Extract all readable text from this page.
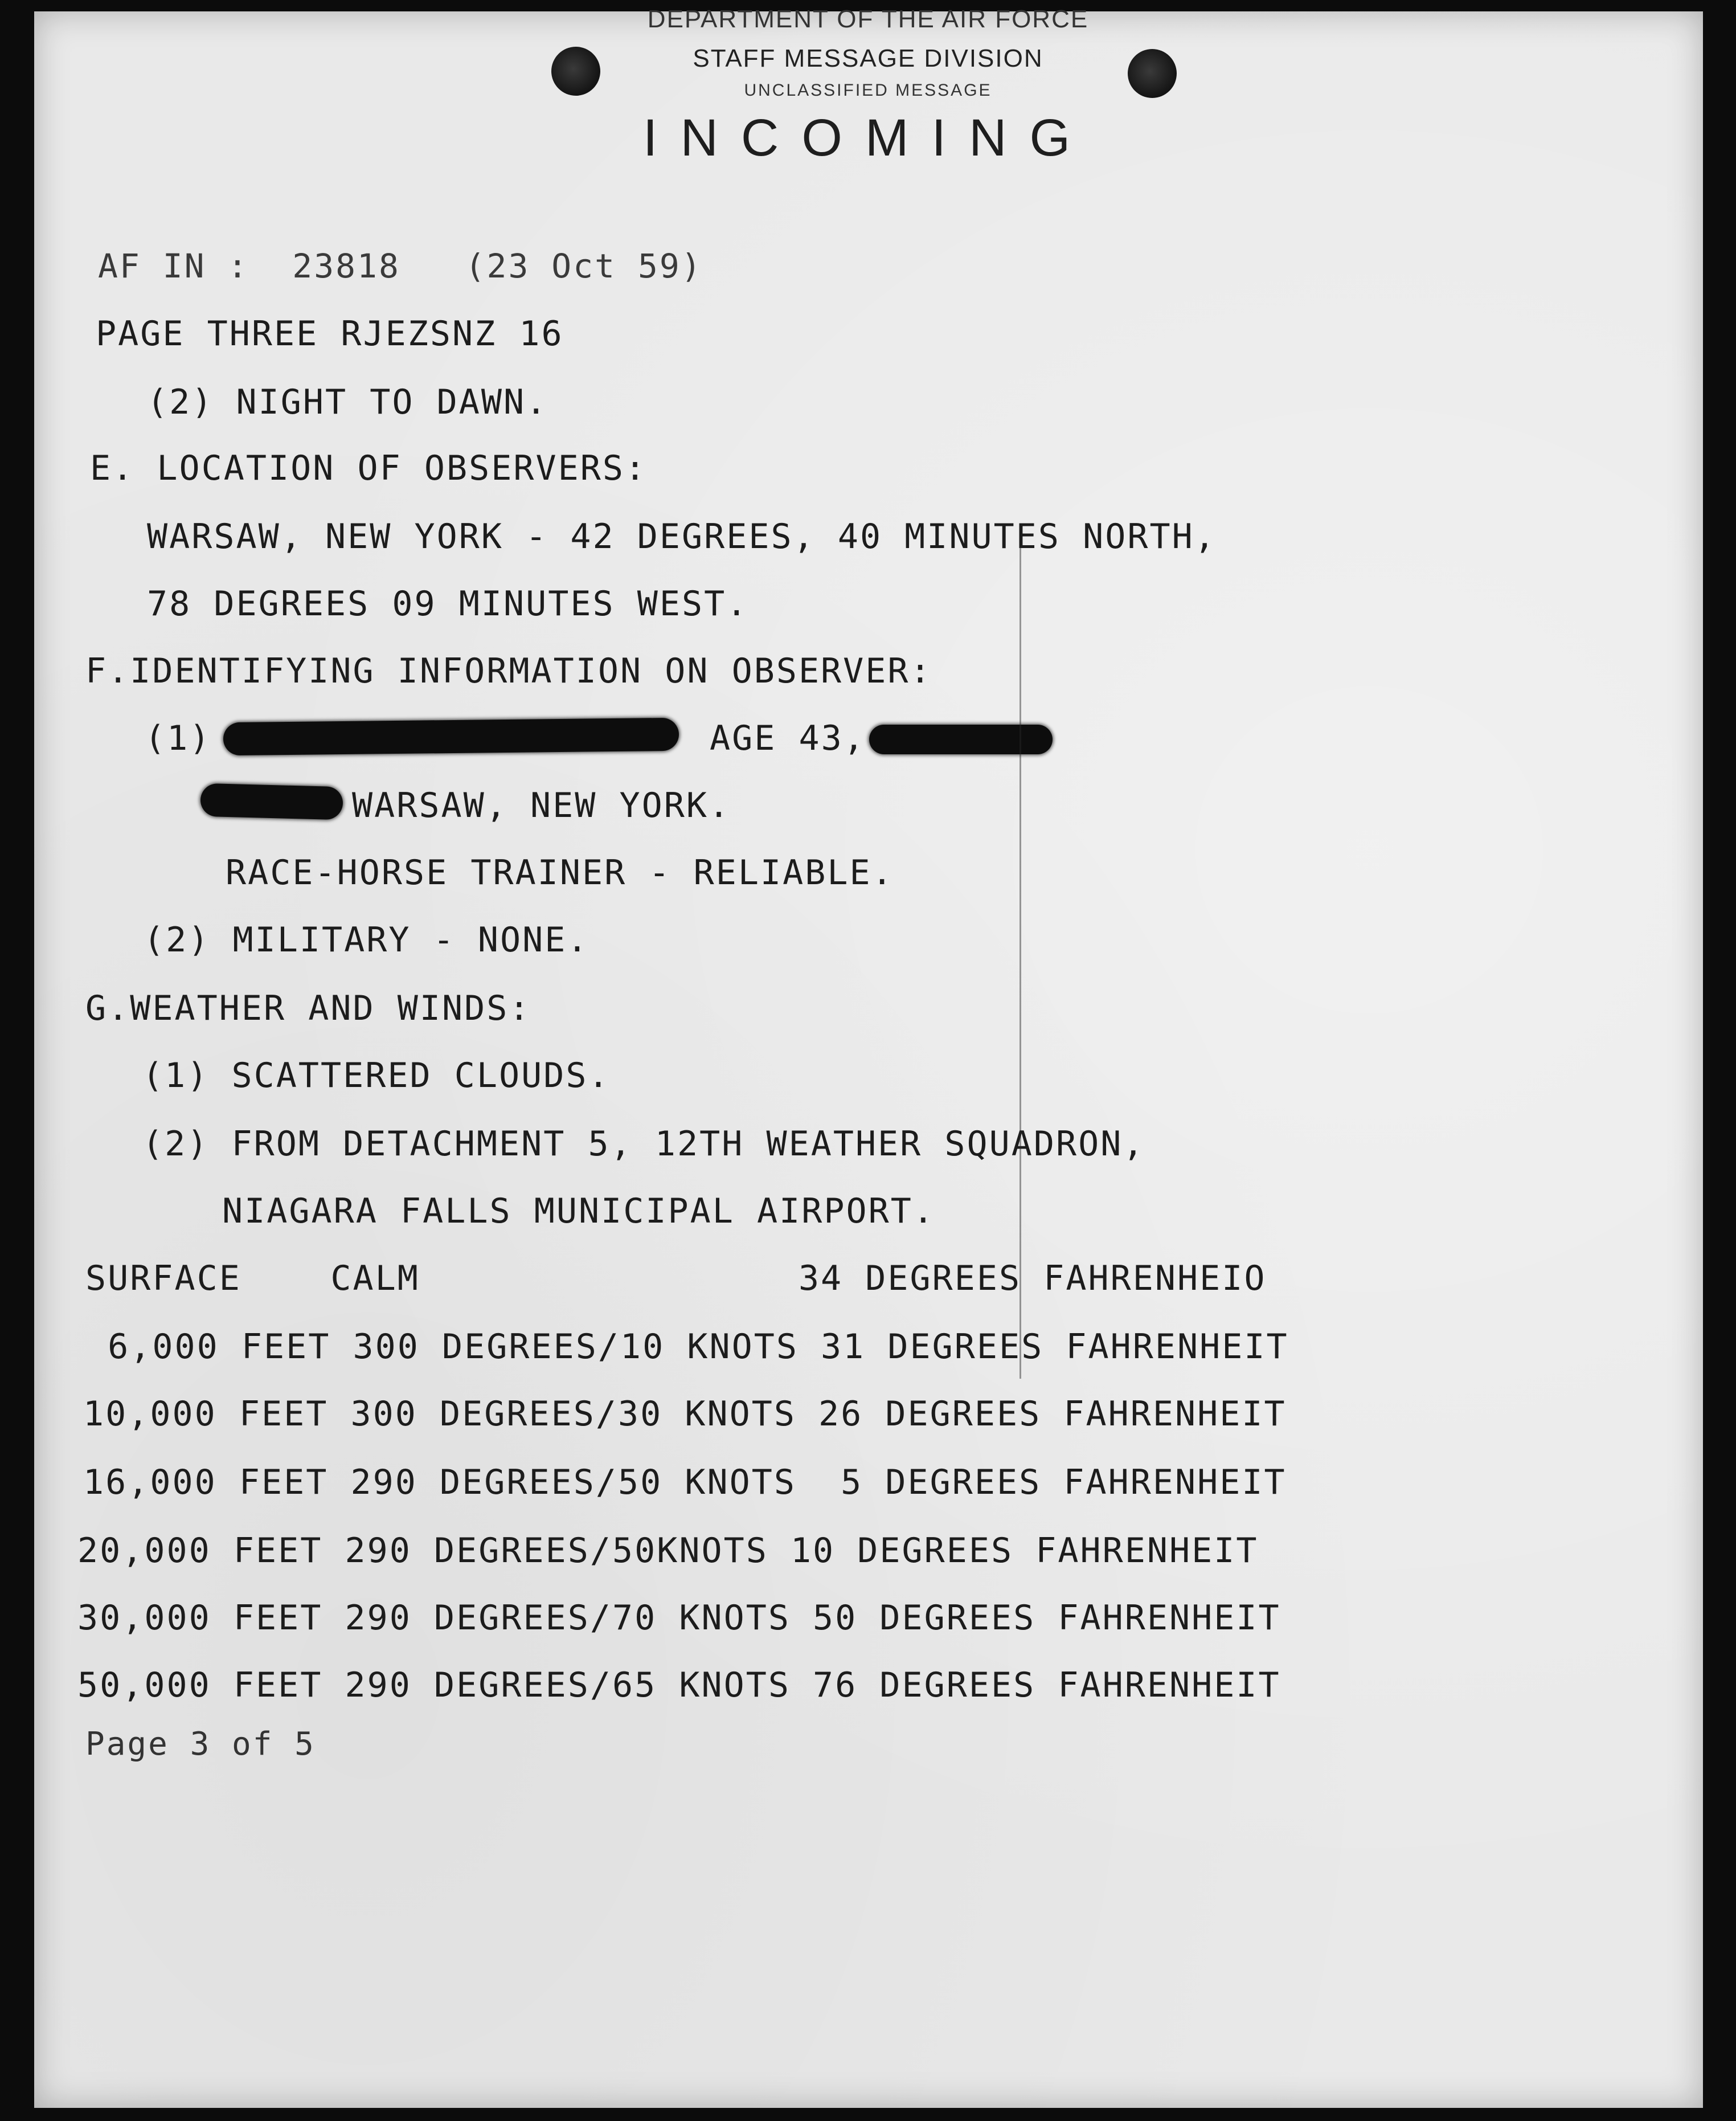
DEPARTMENT OF THE AIR FORCE
STAFF MESSAGE DIVISION
UNCLASSIFIED MESSAGE
INCOMING
AF IN :  23818   (23 Oct 59)
PAGE THREE RJEZSNZ 16
(2) NIGHT TO DAWN.
E. LOCATION OF OBSERVERS:
WARSAW, NEW YORK - 42 DEGREES, 40 MINUTES NORTH,
78 DEGREES 09 MINUTES WEST.
F.IDENTIFYING INFORMATION ON OBSERVER:
(1)	AGE 43,
WARSAW, NEW YORK.
RACE-HORSE TRAINER - RELIABLE.
(2) MILITARY - NONE.
G.WEATHER AND WINDS:
(1) SCATTERED CLOUDS.
(2) FROM DETACHMENT 5, 12TH WEATHER SQUADRON,
NIAGARA FALLS MUNICIPAL AIRPORT.
SURFACE    CALM                 34 DEGREES FAHRENHEIO
6,000 FEET 300 DEGREES/10 KNOTS 31 DEGREES FAHRENHEIT
10,000 FEET 300 DEGREES/30 KNOTS 26 DEGREES FAHRENHEIT
16,000 FEET 290 DEGREES/50 KNOTS  5 DEGREES FAHRENHEIT
20,000 FEET 290 DEGREES/50KNOTS 10 DEGREES FAHRENHEIT
30,000 FEET 290 DEGREES/70 KNOTS 50 DEGREES FAHRENHEIT
50,000 FEET 290 DEGREES/65 KNOTS 76 DEGREES FAHRENHEIT
Page 3 of 5
